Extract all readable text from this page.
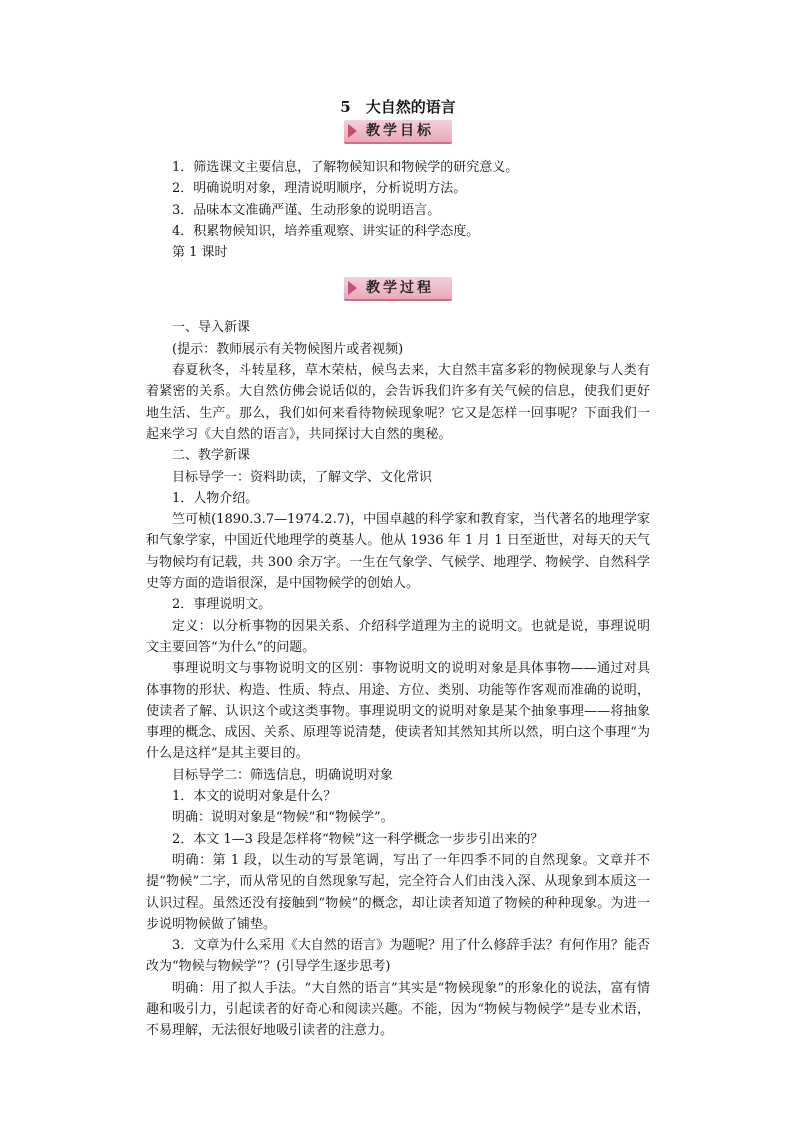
5　大自然的语言
教学目标

1．筛选课文主要信息，了解物候知识和物候学的研究意义。

2．明确说明对象，理清说明顺序，分析说明方法。

3．品味本文准确严谨、生动形象的说明语言。

4．积累物候知识，培养重观察、讲实证的科学态度。

第 1 课时

教学过程

一、导入新课

(提示：教师展示有关物候图片或者视频)

春夏秋冬，斗转星移，草木荣枯，候鸟去来，大自然丰富多彩的物候现象与人类有着紧密的关系。大自然仿佛会说话似的，会告诉我们许多有关气候的信息，使我们更好地生活、生产。那么，我们如何来看待物候现象呢？它又是怎样一回事呢？下面我们一起来学习《大自然的语言》，共同探讨大自然的奥秘。

二、教学新课

目标导学一：资料助读，了解文学、文化常识

1．人物介绍。

竺可桢(1890.3.7—1974.2.7)，中国卓越的科学家和教育家，当代著名的地理学家和气象学家，中国近代地理学的奠基人。他从 1936 年 1 月 1 日至逝世，对每天的天气与物候均有记载，共 300 余万字。一生在气象学、气候学、地理学、物候学、自然科学史等方面的造诣很深，是中国物候学的创始人。

2．事理说明文。

定义：以分析事物的因果关系、介绍科学道理为主的说明文。也就是说，事理说明文主要回答“为什么”的问题。

事理说明文与事物说明文的区别：事物说明文的说明对象是具体事物——通过对具体事物的形状、构造、性质、特点、用途、方位、类别、功能等作客观而准确的说明，使读者了解、认识这个或这类事物。事理说明文的说明对象是某个抽象事理——将抽象事理的概念、成因、关系、原理等说清楚，使读者知其然知其所以然，明白这个事理“为什么是这样”是其主要目的。

目标导学二：筛选信息，明确说明对象

1．本文的说明对象是什么？

明确：说明对象是“物候”和“物候学”。

2．本文 1—3 段是怎样将“物候”这一科学概念一步步引出来的？

明确：第 1 段，以生动的写景笔调，写出了一年四季不同的自然现象。文章并不提“物候”二字，而从常见的自然现象写起，完全符合人们由浅入深、从现象到本质这一认识过程。虽然还没有接触到“物候”的概念，却让读者知道了物候的种种现象。为进一步说明物候做了铺垫。

3．文章为什么采用《大自然的语言》为题呢？用了什么修辞手法？有何作用？能否改为“物候与物候学”？(引导学生逐步思考)

明确：用了拟人手法。“大自然的语言”其实是“物候现象”的形象化的说法，富有情趣和吸引力，引起读者的好奇心和阅读兴趣。不能，因为“物候与物候学”是专业术语，不易理解，无法很好地吸引读者的注意力。
